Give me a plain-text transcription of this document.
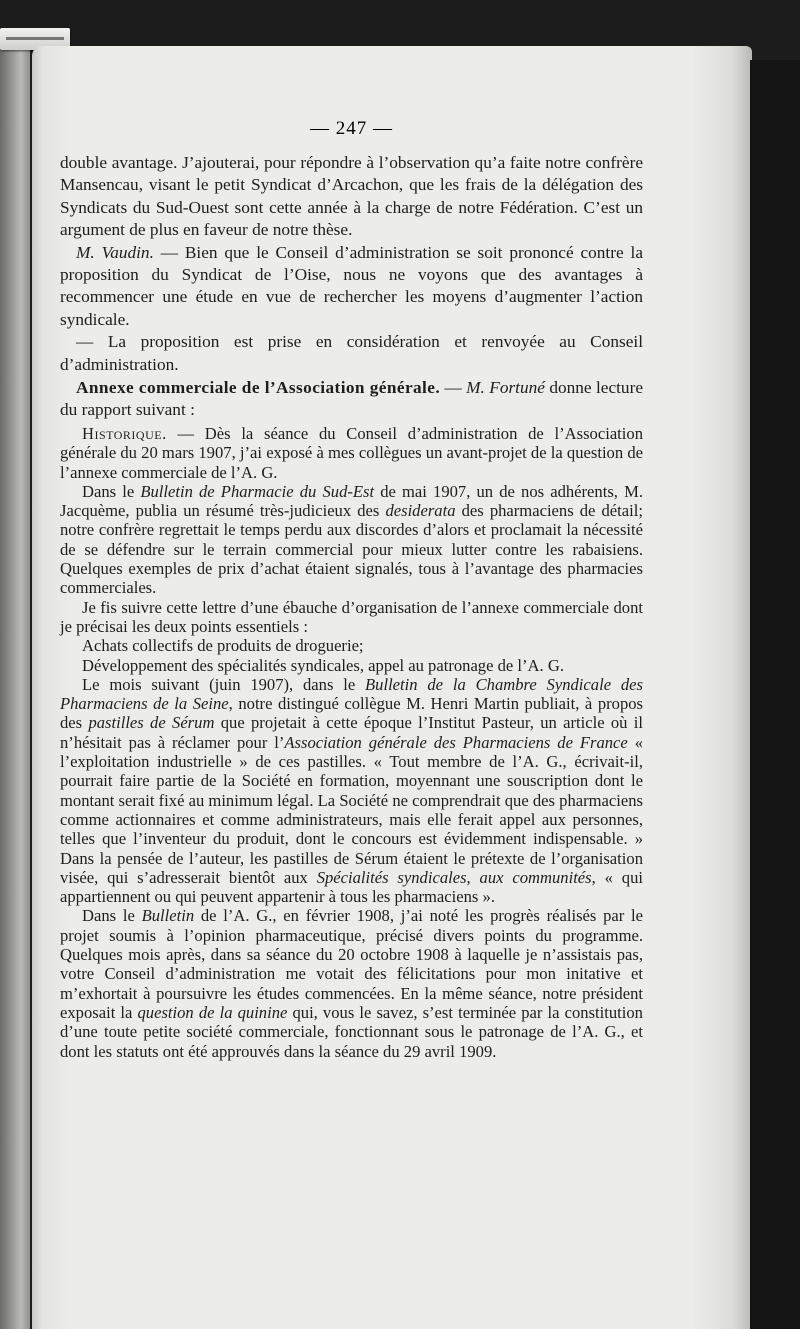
— 247 —

double avantage. J’ajouterai, pour répondre à l’observation qu’a faite notre confrère Mansencau, visant le petit Syndicat d’Arcachon, que les frais de la délégation des Syndicats du Sud-Ouest sont cette année à la charge de notre Fédération. C’est un argument de plus en faveur de notre thèse.

M. Vaudin. — Bien que le Conseil d’administration se soit prononcé contre la proposition du Syndicat de l’Oise, nous ne voyons que des avantages à recommencer une étude en vue de rechercher les moyens d’augmenter l’action syndicale.

— La proposition est prise en considération et renvoyée au Conseil d’administration.

Annexe commerciale de l’Association générale. — M. Fortuné donne lecture du rapport suivant :

Historique. — Dès la séance du Conseil d’administration de l’Association générale du 20 mars 1907, j’ai exposé à mes collègues un avant-projet de la question de l’annexe commerciale de l’A. G.

Dans le Bulletin de Pharmacie du Sud-Est de mai 1907, un de nos adhérents, M. Jacquème, publia un résumé très-judicieux des desiderata des pharmaciens de détail; notre confrère regrettait le temps perdu aux discordes d’alors et proclamait la nécessité de se défendre sur le terrain commercial pour mieux lutter contre les rabaisiens. Quelques exemples de prix d’achat étaient signalés, tous à l’avantage des pharmacies commerciales.

Je fis suivre cette lettre d’une ébauche d’organisation de l’annexe commerciale dont je précisai les deux points essentiels :

Achats collectifs de produits de droguerie;

Développement des spécialités syndicales, appel au patronage de l’A. G.

Le mois suivant (juin 1907), dans le Bulletin de la Chambre Syndicale des Pharmaciens de la Seine, notre distingué collègue M. Henri Martin publiait, à propos des pastilles de Sérum que projetait à cette époque l’Institut Pasteur, un article où il n’hésitait pas à réclamer pour l’Association générale des Pharmaciens de France « l’exploitation industrielle » de ces pastilles. « Tout membre de l’A. G., écrivait-il, pourrait faire partie de la Société en formation, moyennant une souscription dont le montant serait fixé au minimum légal. La Société ne comprendrait que des pharmaciens comme actionnaires et comme administrateurs, mais elle ferait appel aux personnes, telles que l’inventeur du produit, dont le concours est évidemment indispensable. » Dans la pensée de l’auteur, les pastilles de Sérum étaient le prétexte de l’organisation visée, qui s’adresserait bientôt aux Spécialités syndicales, aux communités, « qui appartiennent ou qui peuvent appartenir à tous les pharmaciens ».

Dans le Bulletin de l’A. G., en février 1908, j’ai noté les progrès réalisés par le projet soumis à l’opinion pharmaceutique, précisé divers points du programme. Quelques mois après, dans sa séance du 20 octobre 1908 à laquelle je n’assistais pas, votre Conseil d’administration me votait des félicitations pour mon initative et m’exhortait à poursuivre les études commencées. En la même séance, notre président exposait la question de la quinine qui, vous le savez, s’est terminée par la constitution d’une toute petite société commerciale, fonctionnant sous le patronage de l’A. G., et dont les statuts ont été approuvés dans la séance du 29 avril 1909.
